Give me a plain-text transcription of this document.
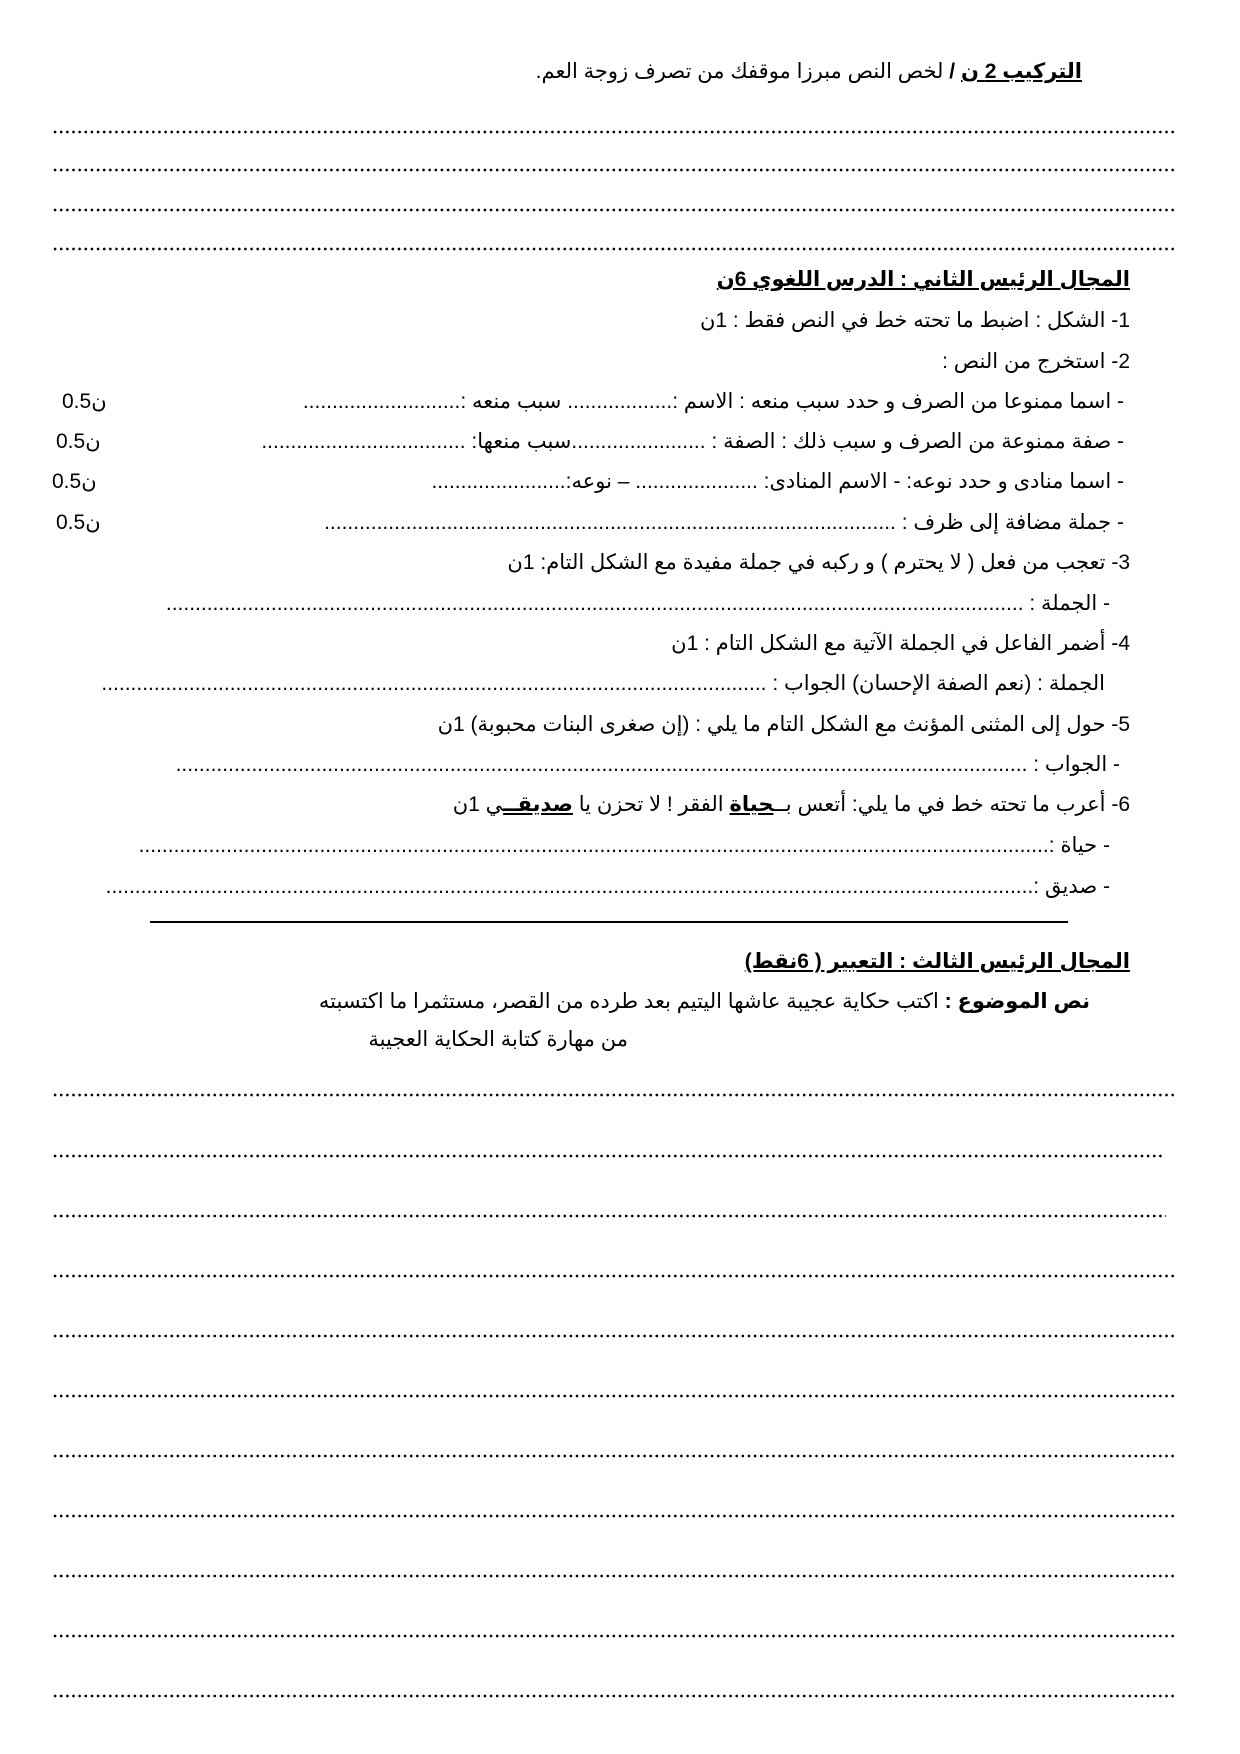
التركيب 2 ن / لخص النص مبرزا موقفك من تصرف زوجة العم.
المجال الرئيس الثاني : الدرس اللغوي 6ن
1- الشكل : اضبط ما تحته خط في النص فقط : 1ن
2- استخرج من النص :
- اسما ممنوعا من الصرف و حدد سبب منعه : الاسم :.................. سبب منعه :...........................
0.5ن
- صفة ممنوعة من الصرف و سبب ذلك : الصفة : .......................سبب منعها: ...................................
0.5ن
- اسما منادى و حدد نوعه: - الاسم المنادى: ..................... – نوعه:.......................
0.5ن
- جملة مضافة إلى ظرف : ..................................................................................................
0.5ن
3- تعجب من فعل ( لا يحترم ) و ركبه في جملة مفيدة مع الشكل التام: 1ن
- الجملة : ...................................................................................................................................................
4- أضمر الفاعل في الجملة الآتية مع الشكل التام : 1ن
الجملة : (نعم الصفة الإحسان) الجواب : ..................................................................................................................
5- حول إلى المثنى المؤنث مع الشكل التام ما يلي : (إن صغرى البنات محبوبة) 1ن
- الجواب : ..................................................................................................................................................
6- أعرب ما تحته خط في ما يلي: أتعس بــحياة الفقر ! لا تحزن يا صديقــي 1ن
- حياة :............................................................................................................................................................
- صديق :...............................................................................................................................................................
المجال الرئيس الثالث : التعبير ( 6نقط)
نص الموضوع : اكتب حكاية عجيبة عاشها اليتيم بعد طرده من القصر، مستثمرا ما اكتسبته
من مهارة كتابة الحكاية العجيبة
